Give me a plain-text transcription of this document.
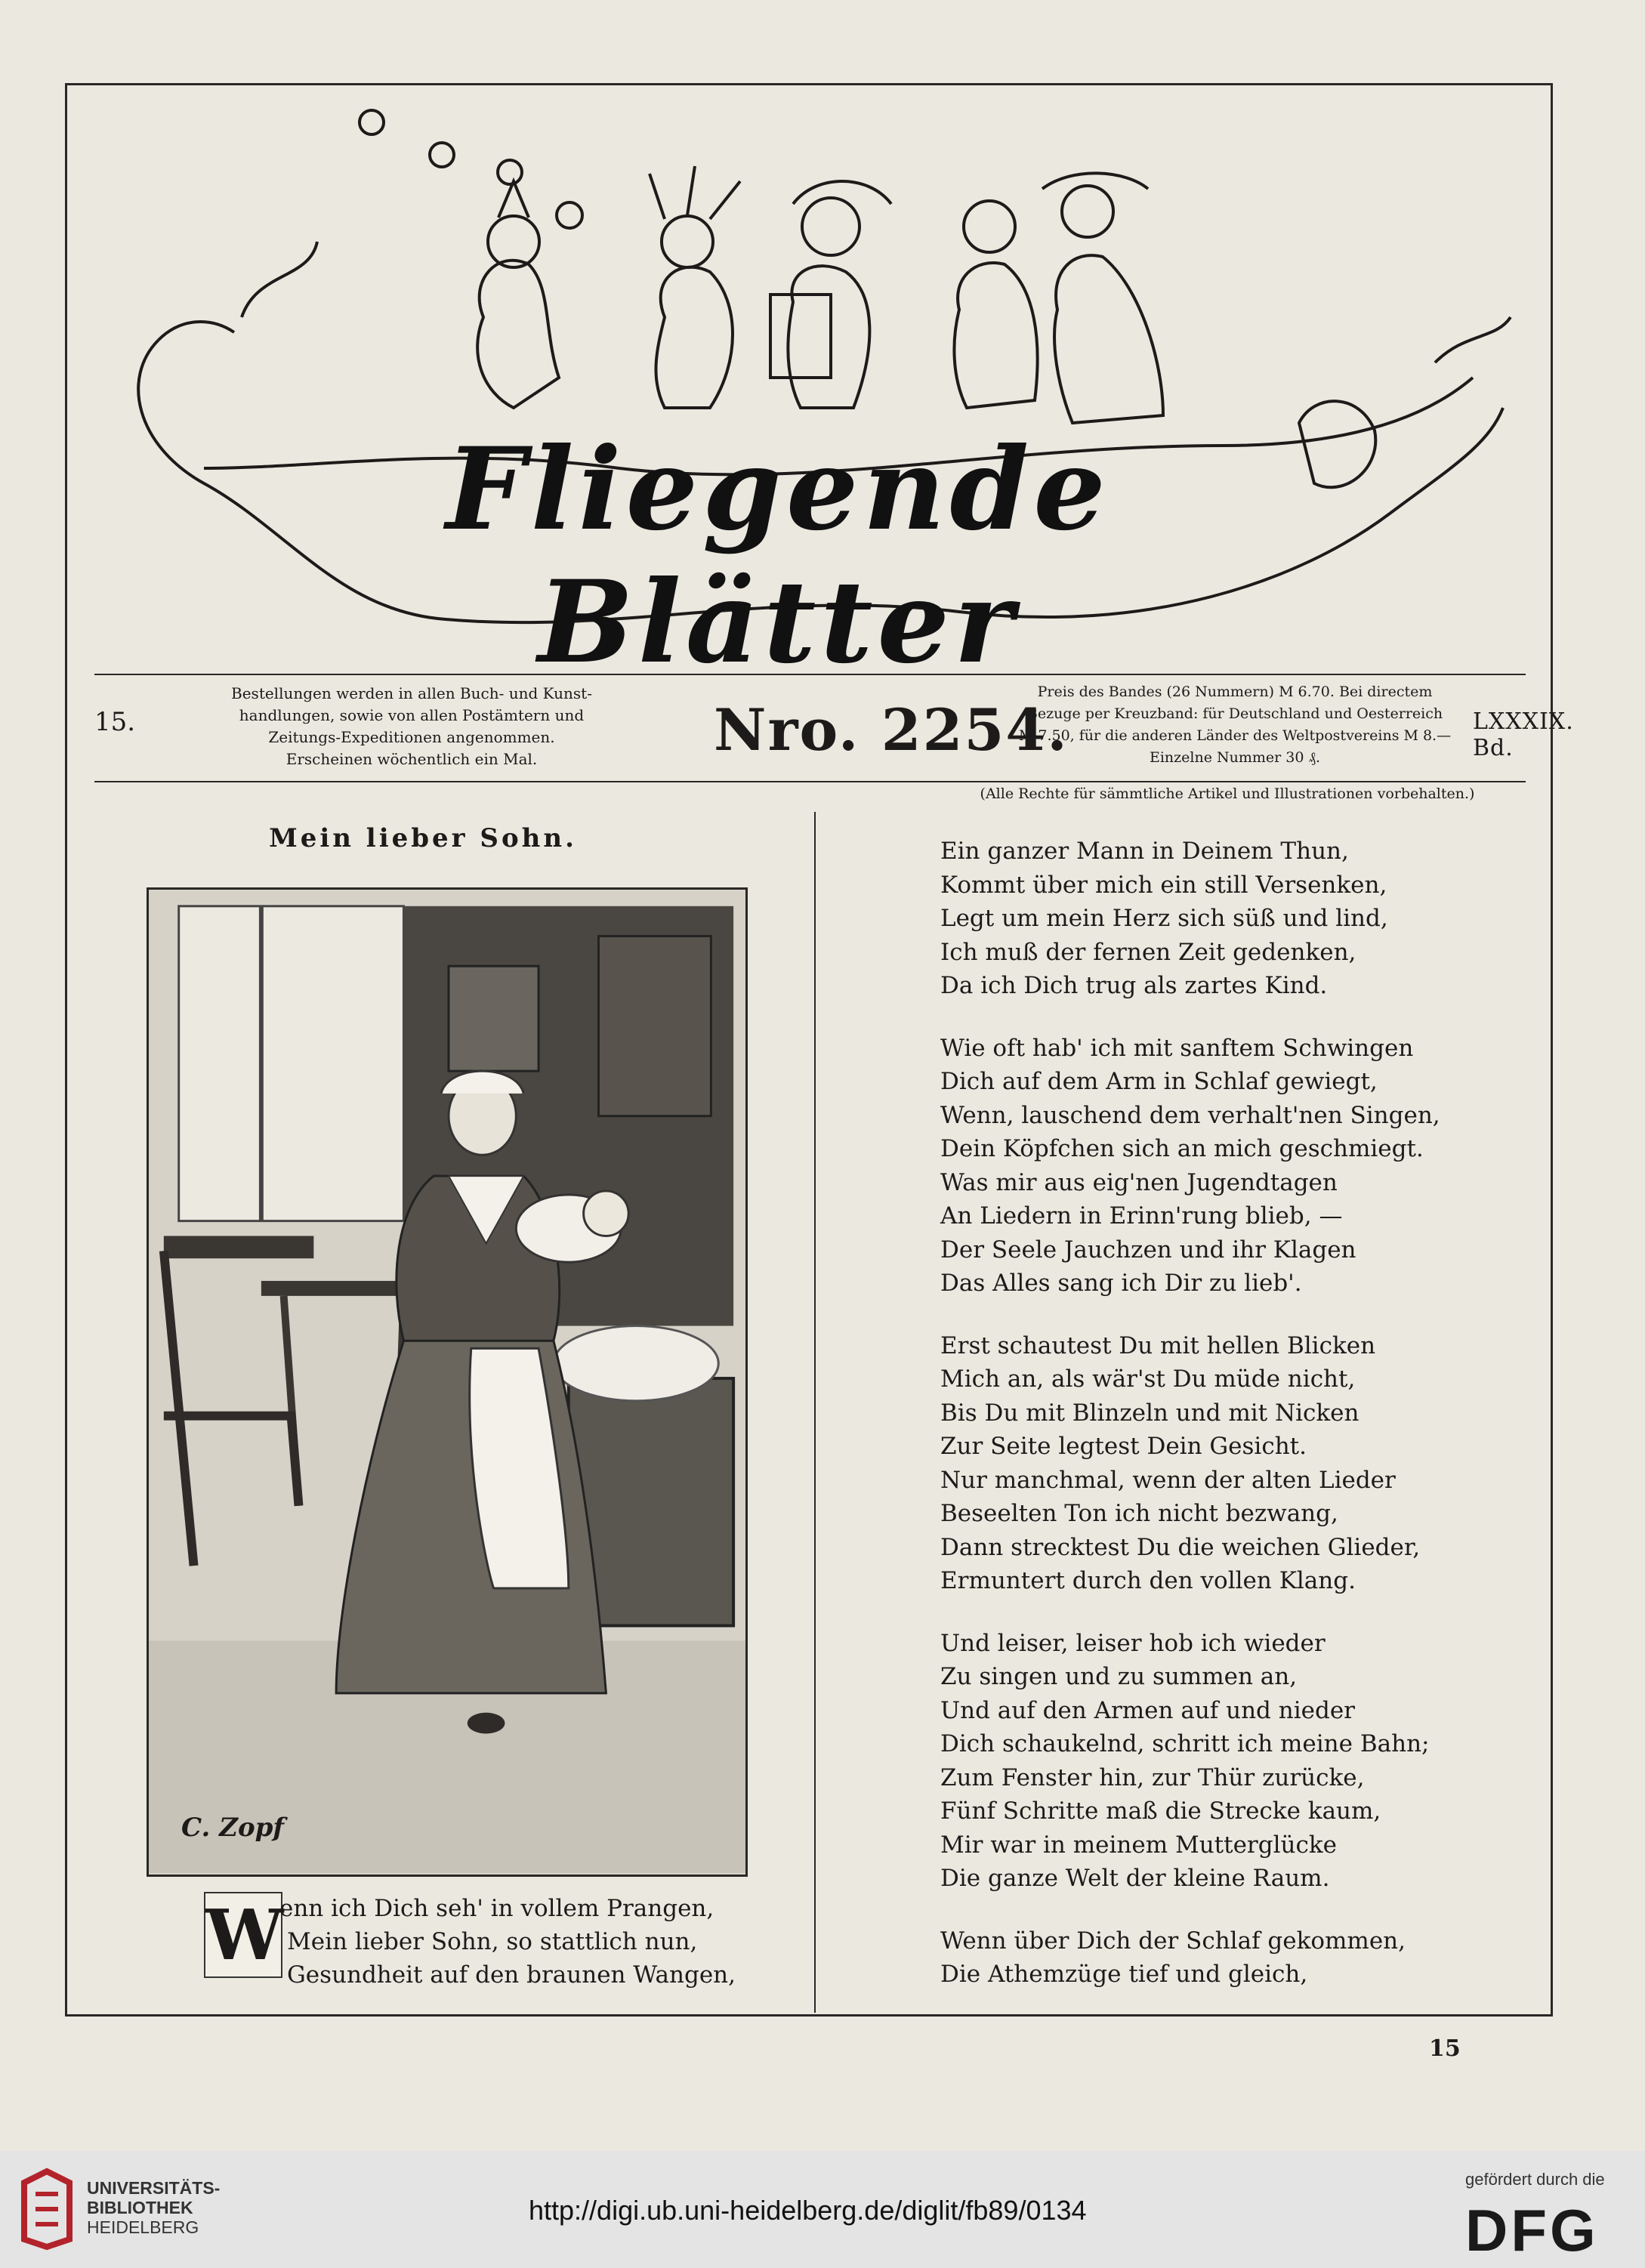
Fliegende Blätter
15.
Bestellungen werden in allen Buch- und Kunst-
handlungen, sowie von allen Postämtern und
Zeitungs-Expeditionen angenommen.
Erscheinen wöchentlich ein Mal.	Nro. 2254.
Preis des Bandes (26 Nummern) M 6.70. Bei directem
Bezuge per Kreuzband: für Deutschland und Oesterreich
M 7.50, für die anderen Länder des Weltpostvereins M 8.—
Einzelne Nummer 30 ₰.
LXXXIX. Bd.
(Alle Rechte für sämmtliche Artikel und Illustrationen vorbehalten.)
Mein lieber Sohn.
C. Zopf
W
enn ich Dich seh' in vollem Prangen,
Mein lieber Sohn, so stattlich nun,
Gesundheit auf den braunen Wangen,
Ein ganzer Mann in Deinem Thun,
Kommt über mich ein still Versenken,
Legt um mein Herz sich süß und lind,
Ich muß der fernen Zeit gedenken,
Da ich Dich trug als zartes Kind.
Wie oft hab' ich mit sanftem Schwingen
Dich auf dem Arm in Schlaf gewiegt,
Wenn, lauschend dem verhalt'nen Singen,
Dein Köpfchen sich an mich geschmiegt.
Was mir aus eig'nen Jugendtagen
An Liedern in Erinn'rung blieb, —
Der Seele Jauchzen und ihr Klagen
Das Alles sang ich Dir zu lieb'.
Erst schautest Du mit hellen Blicken
Mich an, als wär'st Du müde nicht,
Bis Du mit Blinzeln und mit Nicken
Zur Seite legtest Dein Gesicht.
Nur manchmal, wenn der alten Lieder
Beseelten Ton ich nicht bezwang,
Dann strecktest Du die weichen Glieder,
Ermuntert durch den vollen Klang.
Und leiser, leiser hob ich wieder
Zu singen und zu summen an,
Und auf den Armen auf und nieder
Dich schaukelnd, schritt ich meine Bahn;
Zum Fenster hin, zur Thür zurücke,
Fünf Schritte maß die Strecke kaum,
Mir war in meinem Mutterglücke
Die ganze Welt der kleine Raum.
Wenn über Dich der Schlaf gekommen,
Die Athemzüge tief und gleich,
15
UNIVERSITÄTS-
BIBLIOTHEK
HEIDELBERG
http://digi.ub.uni-heidelberg.de/diglit/fb89/0134
gefördert durch die
DFG
